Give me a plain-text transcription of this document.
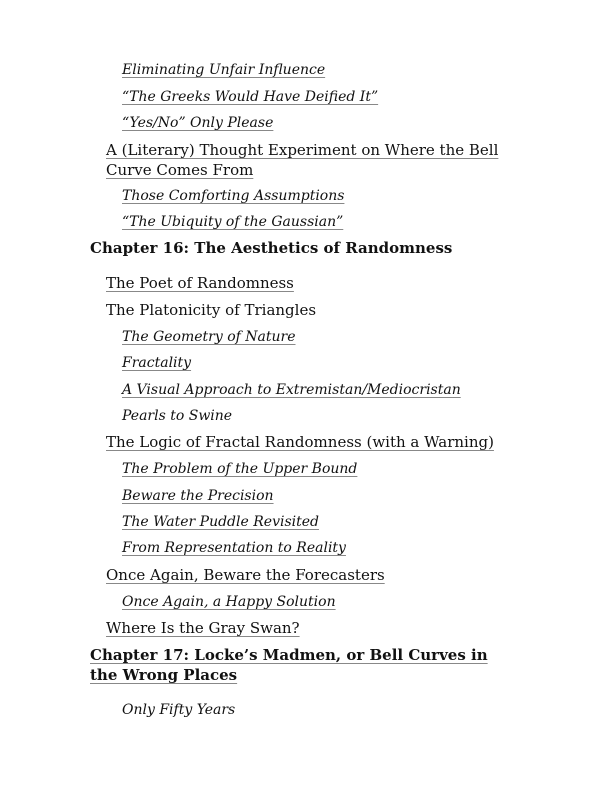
Eliminating Unfair Influence
“The Greeks Would Have Deified It”
“Yes/No” Only Please
A (Literary) Thought Experiment on Where the Bell Curve Comes From
Those Comforting Assumptions
“The Ubiquity of the Gaussian”
Chapter 16: The Aesthetics of Randomness
The Poet of Randomness
The Platonicity of Triangles
The Geometry of Nature
Fractality
A Visual Approach to Extremistan/Mediocristan
Pearls to Swine
The Logic of Fractal Randomness (with a Warning)
The Problem of the Upper Bound
Beware the Precision
The Water Puddle Revisited
From Representation to Reality
Once Again, Beware the Forecasters
Once Again, a Happy Solution
Where Is the Gray Swan?
Chapter 17: Locke’s Madmen, or Bell Curves in the Wrong Places
Only Fifty Years
